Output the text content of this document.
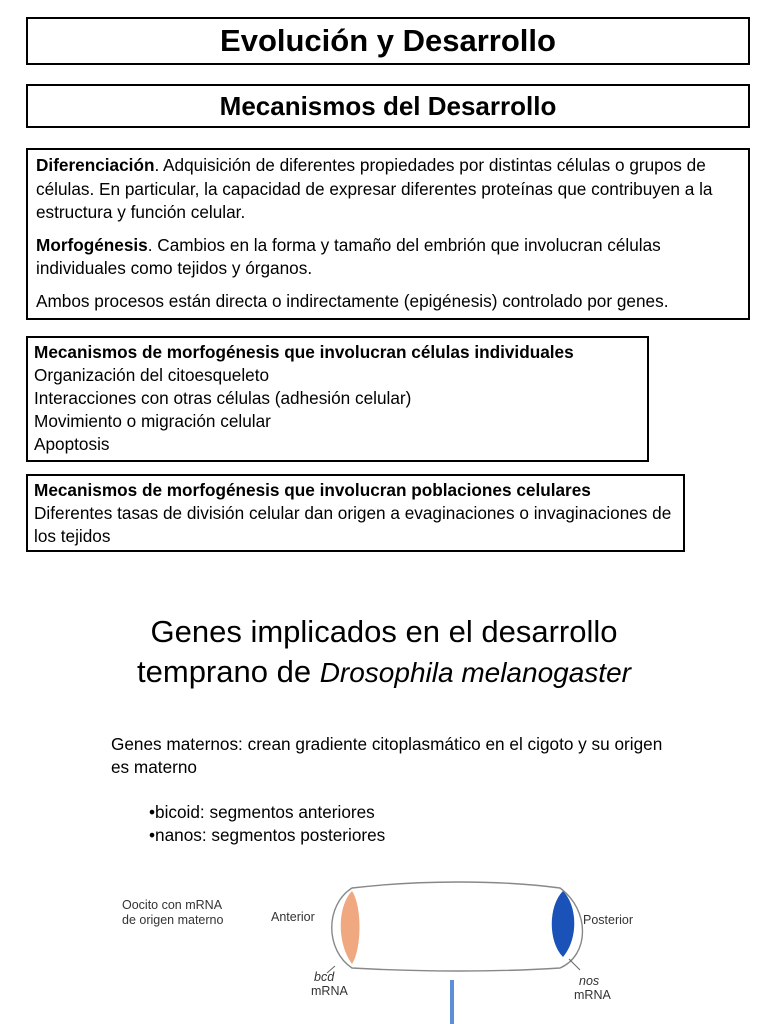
Evolución y Desarrollo
Mecanismos del Desarrollo

Diferenciación. Adquisición de diferentes propiedades por distintas células o grupos de células. En particular, la capacidad de expresar diferentes proteínas que contribuyen a la estructura y función celular.

Morfogénesis. Cambios en la forma y tamaño del embrión que involucran células individuales como tejidos y órganos.

Ambos procesos están directa o indirectamente (epigénesis) controlado por genes.

Mecanismos de morfogénesis que involucran células individuales
Organización del citoesqueleto
Interacciones con otras células (adhesión celular)
Movimiento o migración celular
Apoptosis
Mecanismos de morfogénesis que involucran poblaciones celulares
Diferentes tasas de división celular dan origen a evaginaciones o invaginaciones de los tejidos
Genes implicados en el desarrollo
temprano de Drosophila melanogaster
Genes maternos: crean gradiente citoplasmático en el cigoto y su origen es materno
•bicoid: segmentos anteriores
•nanos: segmentos posteriores
Oocito con mRNA
de origen materno	Anterior	Posterior
bcd
mRNA
nos
mRNA
